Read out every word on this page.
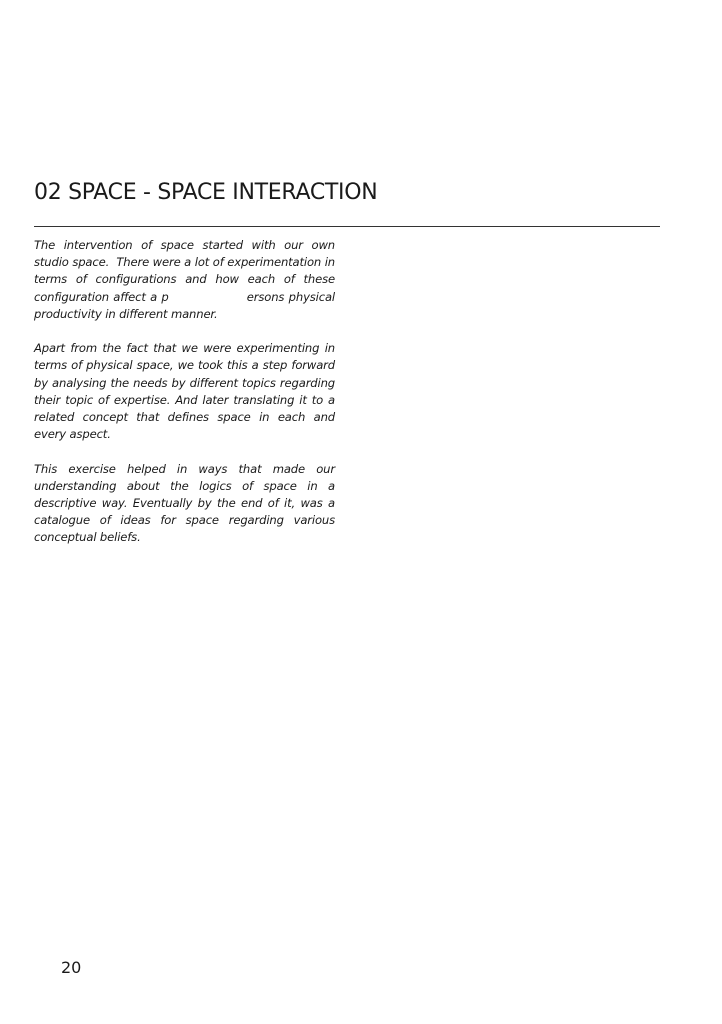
02 SPACE - SPACE INTERACTION

The intervention of space started with our own studio space.  There were a lot of experimentation in terms of configurations and how each of these configuration affect a p                  ersons physical productivity in different manner.

Apart from the fact that we were experimenting in terms of physical space, we took this a step forward by analysing the needs by different topics regarding their topic of expertise. And later translating it to a related concept that defines space in each and every aspect.

This exercise helped in ways that made our understanding about the logics of space in a descriptive way. Eventually by the end of it, was a catalogue of ideas for space regarding various conceptual beliefs.

20
